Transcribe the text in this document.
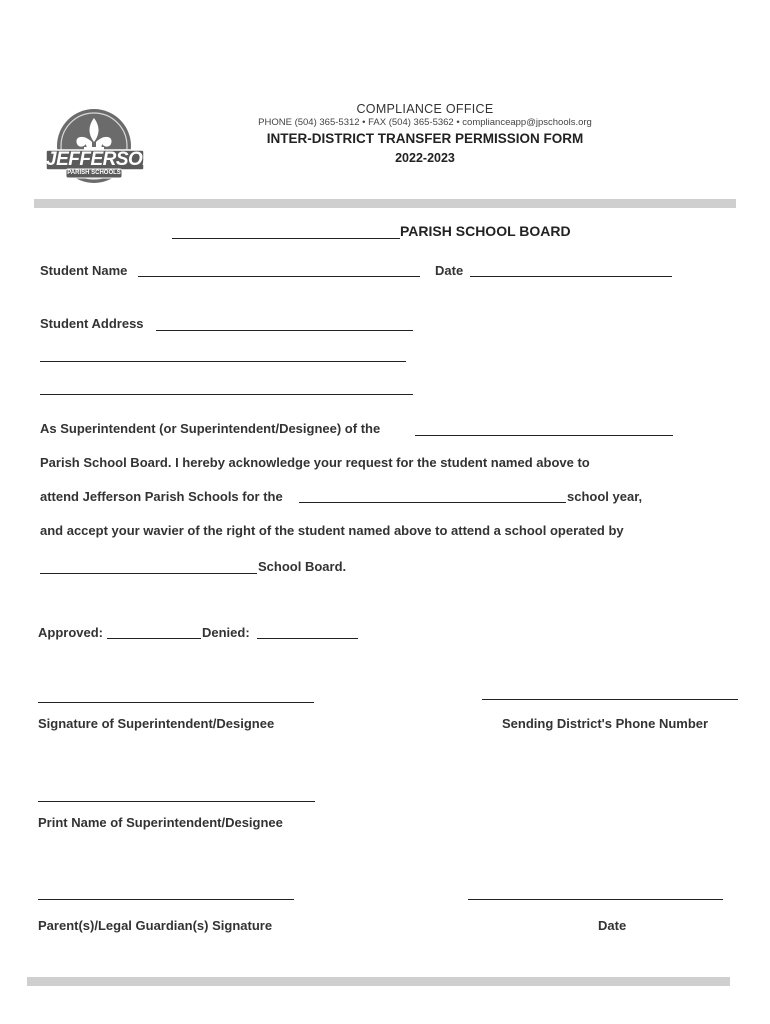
JEFFERSON
PARISH SCHOOLS
COMPLIANCE OFFICE
PHONE (504) 365-5312 • FAX (504) 365-5362 • complianceapp@jpschools.org
INTER-DISTRICT TRANSFER PERMISSION FORM
2022-2023
PARISH SCHOOL BOARD
Student Name	Date
Student Address
As Superintendent (or Superintendent/Designee) of the
Parish School Board. I hereby acknowledge your request for the student named above to
attend Jefferson Parish Schools for the	school year,
and accept your wavier of the right of the student named above to attend a school operated by
School Board.
Approved:	Denied:
Signature of Superintendent/Designee	Sending District's Phone Number
Print Name of Superintendent/Designee
Parent(s)/Legal Guardian(s) Signature	Date
